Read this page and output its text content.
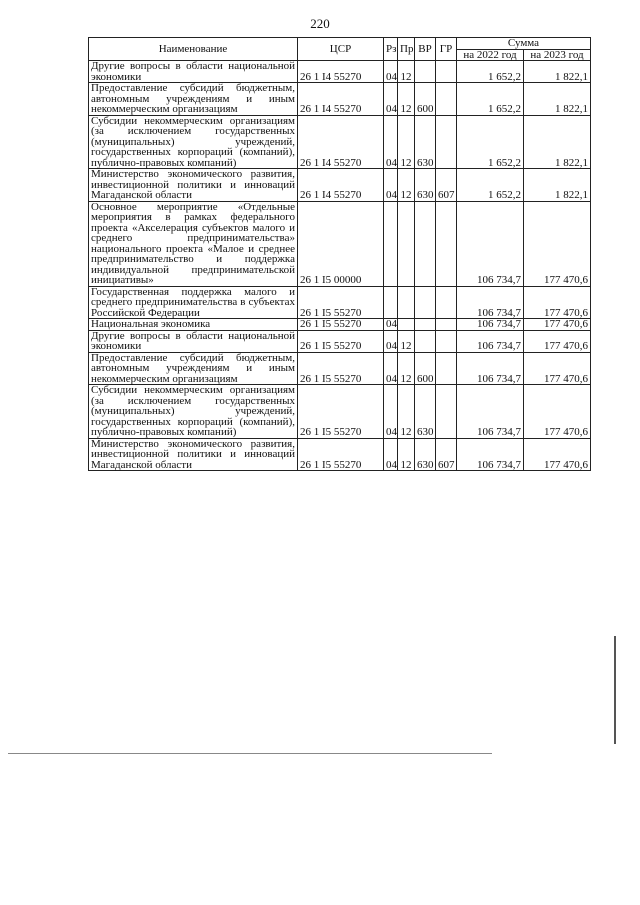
220
Наименование	ЦСР	Рз	Пр	ВР	ГР	Сумма	
						на 2022 год	на 2023 год
Другие вопросы в области национальной экономики	26 1 I4 55270	04	12			1 652,2	1 822,1
Предоставление субсидий бюджетным, автономным учреждениям и иным некоммерческим организациям	26 1 I4 55270	04	12	600		1 652,2	1 822,1
Субсидии некоммерческим организациям (за исключением государственных (муниципальных) учреждений, государственных корпораций (компаний), публично-правовых компаний)	26 1 I4 55270	04	12	630		1 652,2	1 822,1
Министерство экономического развития, инвестиционной политики и инноваций Магаданской области	26 1 I4 55270	04	12	630	607	1 652,2	1 822,1
Основное мероприятие «Отдельные мероприятия в рамках федерального проекта «Акселерация субъектов малого и среднего предпринимательства» национального проекта «Малое и среднее предпринимательство и поддержка индивидуальной предпринимательской инициативы»	26 1 I5 00000					106 734,7	177 470,6
Государственная поддержка малого и среднего предпринимательства в субъектах Российской Федерации	26 1 I5 55270					106 734,7	177 470,6
Национальная экономика	26 1 I5 55270	04				106 734,7	177 470,6
Другие вопросы в области национальной экономики	26 1 I5 55270	04	12			106 734,7	177 470,6
Предоставление субсидий бюджетным, автономным учреждениям и иным некоммерческим организациям	26 1 I5 55270	04	12	600		106 734,7	177 470,6
Субсидии некоммерческим организациям (за исключением государственных (муниципальных) учреждений, государственных корпораций (компаний), публично-правовых компаний)	26 1 I5 55270	04	12	630		106 734,7	177 470,6
Министерство экономического развития, инвестиционной политики и инноваций Магаданской области	26 1 I5 55270	04	12	630	607	106 734,7	177 470,6
